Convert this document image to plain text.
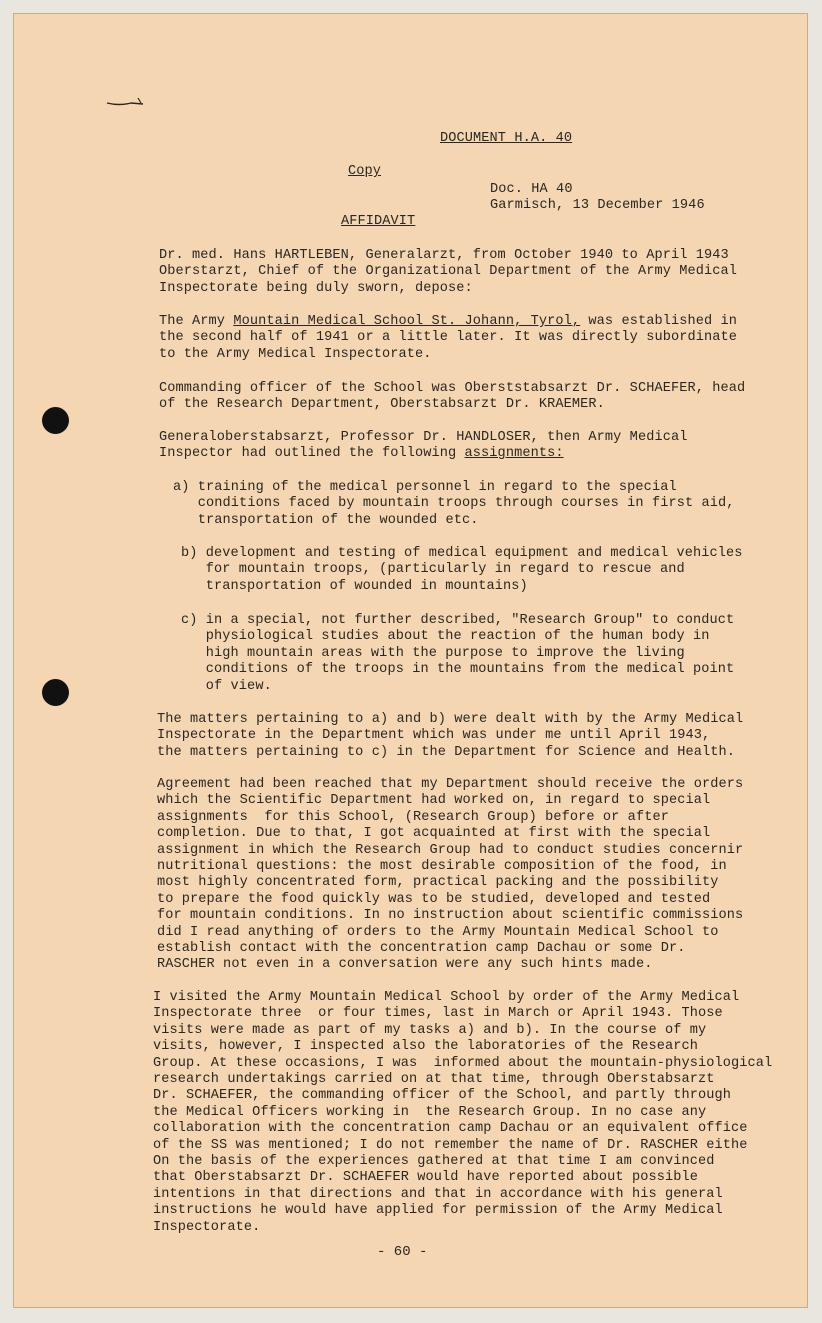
DOCUMENT H.A. 40
Copy
Doc. HA 40
Garmisch, 13 December 1946
AFFIDAVIT
Dr. med. Hans HARTLEBEN, Generalarzt, from October 1940 to April 1943
Oberstarzt, Chief of the Organizational Department of the Army Medical
Inspectorate being duly sworn, depose:
The Army Mountain Medical School St. Johann, Tyrol, was established in
the second half of 1941 or a little later. It was directly subordinate
to the Army Medical Inspectorate.
Commanding officer of the School was Oberststabsarzt Dr. SCHAEFER, head
of the Research Department, Oberstabsarzt Dr. KRAEMER.
Generaloberstabsarzt, Professor Dr. HANDLOSER, then Army Medical
Inspector had outlined the following assignments:
a) training of the medical personnel in regard to the special
conditions faced by mountain troops through courses in first aid,
transportation of the wounded etc.
b) development and testing of medical equipment and medical vehicles
for mountain troops, (particularly in regard to rescue and
transportation of wounded in mountains)
c) in a special, not further described, "Research Group" to conduct
physiological studies about the reaction of the human body in
high mountain areas with the purpose to improve the living
conditions of the troops in the mountains from the medical point
of view.
The matters pertaining to a) and b) were dealt with by the Army Medical
Inspectorate in the Department which was under me until April 1943,
the matters pertaining to c) in the Department for Science and Health.
Agreement had been reached that my Department should receive the orders
which the Scientific Department had worked on, in regard to special
assignments  for this School, (Research Group) before or after
completion. Due to that, I got acquainted at first with the special
assignment in which the Research Group had to conduct studies concernir
nutritional questions: the most desirable composition of the food, in
most highly concentrated form, practical packing and the possibility
to prepare the food quickly was to be studied, developed and tested
for mountain conditions. In no instruction about scientific commissions
did I read anything of orders to the Army Mountain Medical School to
establish contact with the concentration camp Dachau or some Dr.
RASCHER not even in a conversation were any such hints made.
I visited the Army Mountain Medical School by order of the Army Medical
Inspectorate three  or four times, last in March or April 1943. Those
visits were made as part of my tasks a) and b). In the course of my
visits, however, I inspected also the laboratories of the Research
Group. At these occasions, I was  informed about the mountain-physiological
research undertakings carried on at that time, through Oberstabsarzt
Dr. SCHAEFER, the commanding officer of the School, and partly through
the Medical Officers working in  the Research Group. In no case any
collaboration with the concentration camp Dachau or an equivalent office
of the SS was mentioned; I do not remember the name of Dr. RASCHER eithe
On the basis of the experiences gathered at that time I am convinced
that Oberstabsarzt Dr. SCHAEFER would have reported about possible
intentions in that directions and that in accordance with his general
instructions he would have applied for permission of the Army Medical
Inspectorate.
- 60 -
